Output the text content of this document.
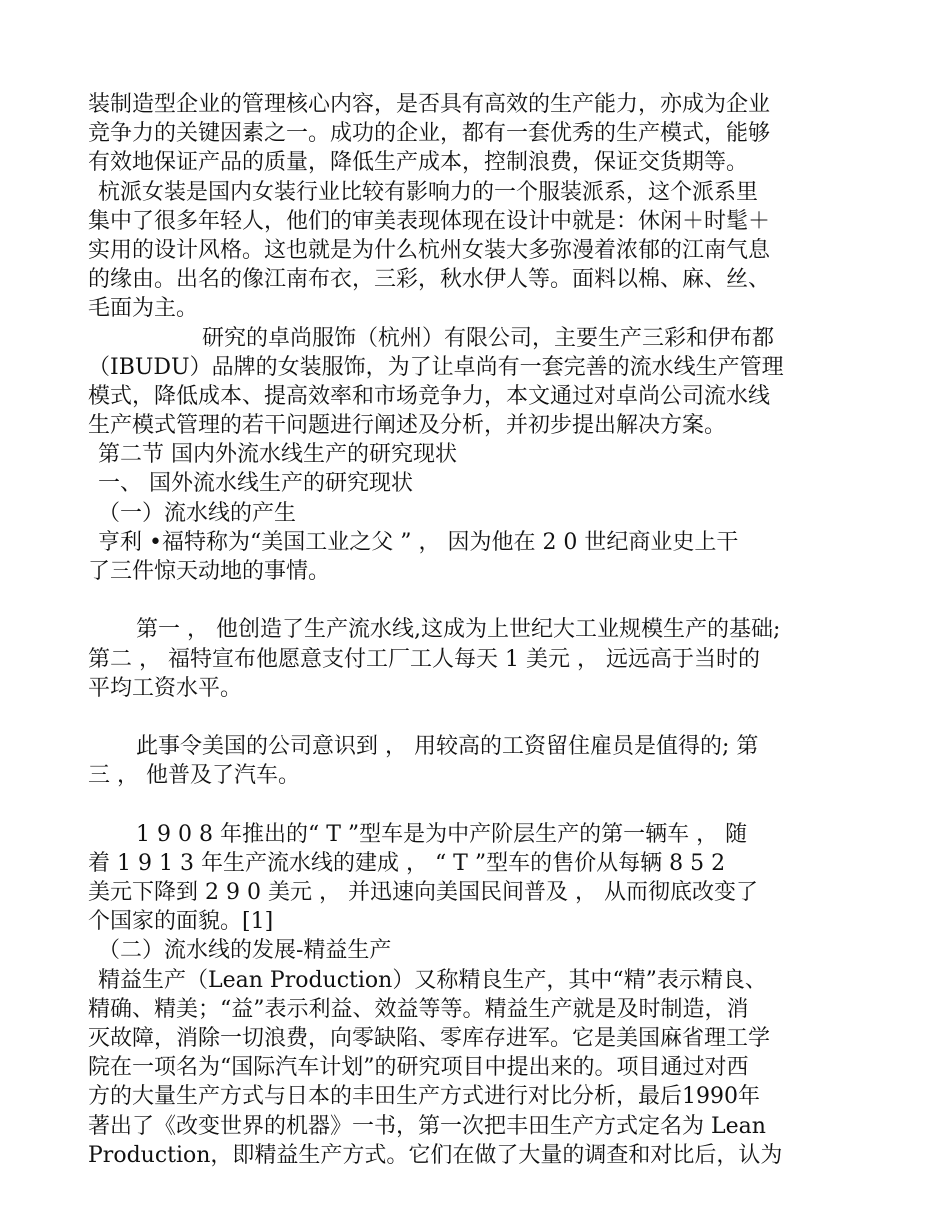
装制造型企业的管理核心内容，是否具有高效的生产能力，亦成为企业
竞争力的关键因素之一。成功的企业，都有一套优秀的生产模式，能够
有效地保证产品的质量，降低生产成本，控制浪费，保证交货期等。
杭派女装是国内女装行业比较有影响力的一个服装派系，这个派系里
集中了很多年轻人，他们的审美表现体现在设计中就是：休闲＋时髦＋
实用的设计风格。这也就是为什么杭州女装大多弥漫着浓郁的江南气息
的缘由。出名的像江南布衣，三彩，秋水伊人等。面料以棉、麻、丝、
毛面为主。
研究的卓尚服饰（杭州）有限公司，主要生产三彩和伊布都
（IBUDU）品牌的女装服饰，为了让卓尚有一套完善的流水线生产管理
模式，降低成本、提高效率和市场竞争力，本文通过对卓尚公司流水线
生产模式管理的若干问题进行阐述及分析，并初步提出解决方案。
第二节 国内外流水线生产的研究现状
一、 国外流水线生产的研究现状
（一）流水线的产生
亨利 •福特称为“美国工业之父 ” ， 因为他在 2 0 世纪商业史上干
了三件惊天动地的事情。
第一 ， 他创造了生产流水线,这成为上世纪大工业规模生产的基础;
第二 ， 福特宣布他愿意支付工厂工人每天 1 美元 ， 远远高于当时的
平均工资水平。
此事令美国的公司意识到 ， 用较高的工资留住雇员是值得的; 第
三 ， 他普及了汽车。
1 9 0 8 年推出的“ T ”型车是为中产阶层生产的第一辆车 ， 随
着 1 9 1 3 年生产流水线的建成 ， “ T ”型车的售价从每辆 8 5 2
美元下降到 2 9 0 美元 ， 并迅速向美国民间普及 ， 从而彻底改变了
个国家的面貌。[1]
（二）流水线的发展-精益生产
精益生产（Lean Production）又称精良生产，其中“精”表示精良、
精确、精美；“益”表示利益、效益等等。精益生产就是及时制造，消
灭故障，消除一切浪费，向零缺陷、零库存进军。它是美国麻省理工学
院在一项名为“国际汽车计划”的研究项目中提出来的。项目通过对西
方的大量生产方式与日本的丰田生产方式进行对比分析，最后1990年
著出了《改变世界的机器》一书，第一次把丰田生产方式定名为 Lean
Production，即精益生产方式。它们在做了大量的调查和对比后，认为
